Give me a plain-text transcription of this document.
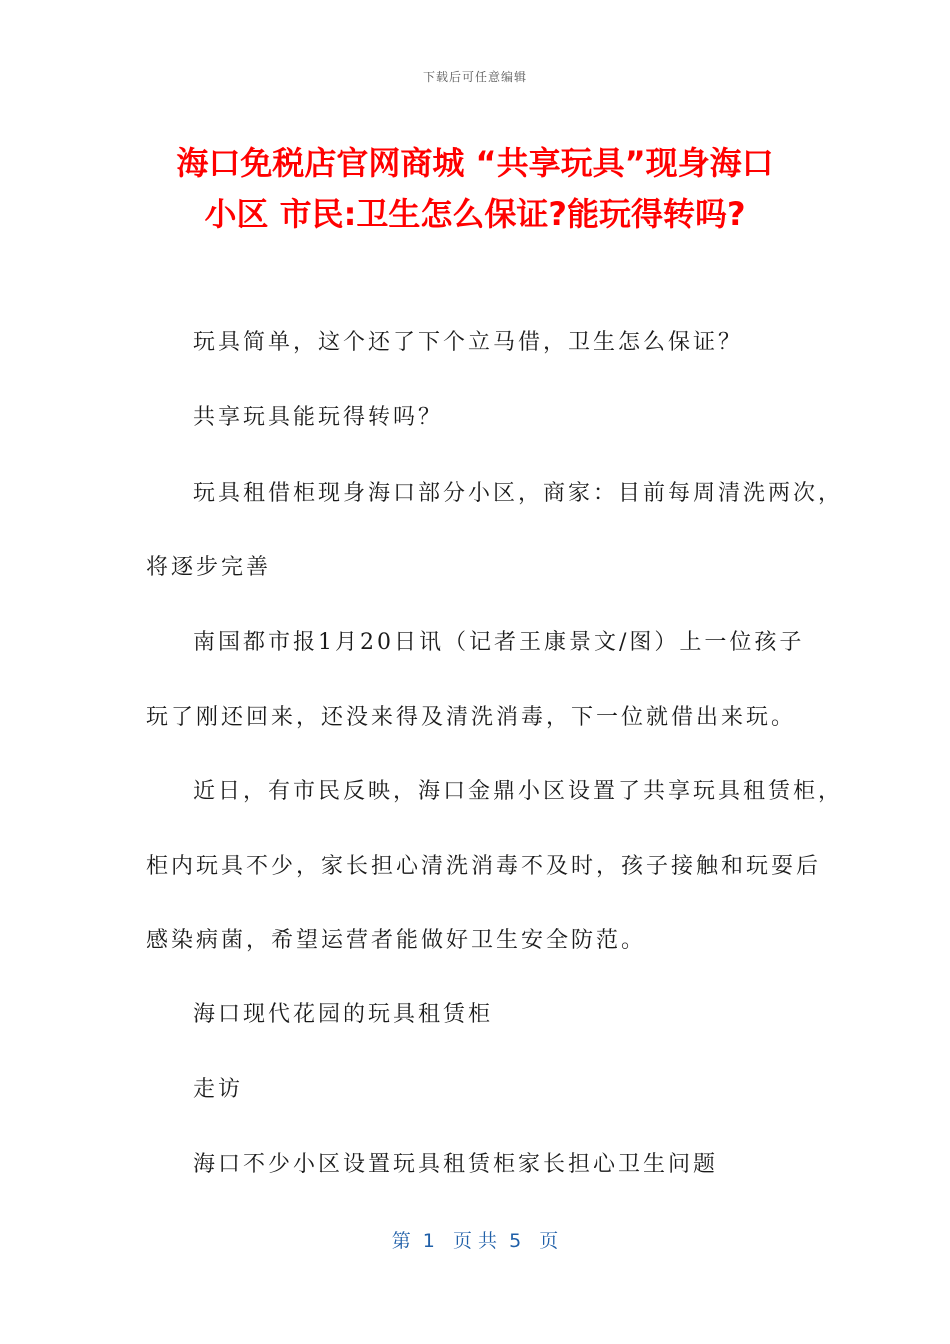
下载后可任意编辑
海口免税店官网商城 “共享玩具”现身海口
小区 市民:卫生怎么保证?能玩得转吗?
玩具简单，这个还了下个立马借，卫生怎么保证？
共享玩具能玩得转吗？
玩具租借柜现身海口部分小区，商家：目前每周清洗两次，
将逐步完善
南国都市报1月20日讯（记者王康景文/图）上一位孩子
玩了刚还回来，还没来得及清洗消毒，下一位就借出来玩。
近日，有市民反映，海口金鼎小区设置了共享玩具租赁柜，
柜内玩具不少，家长担心清洗消毒不及时，孩子接触和玩耍后
感染病菌，希望运营者能做好卫生安全防范。
海口现代花园的玩具租赁柜
走访
海口不少小区设置玩具租赁柜家长担心卫生问题
第  1   页 共  5   页
